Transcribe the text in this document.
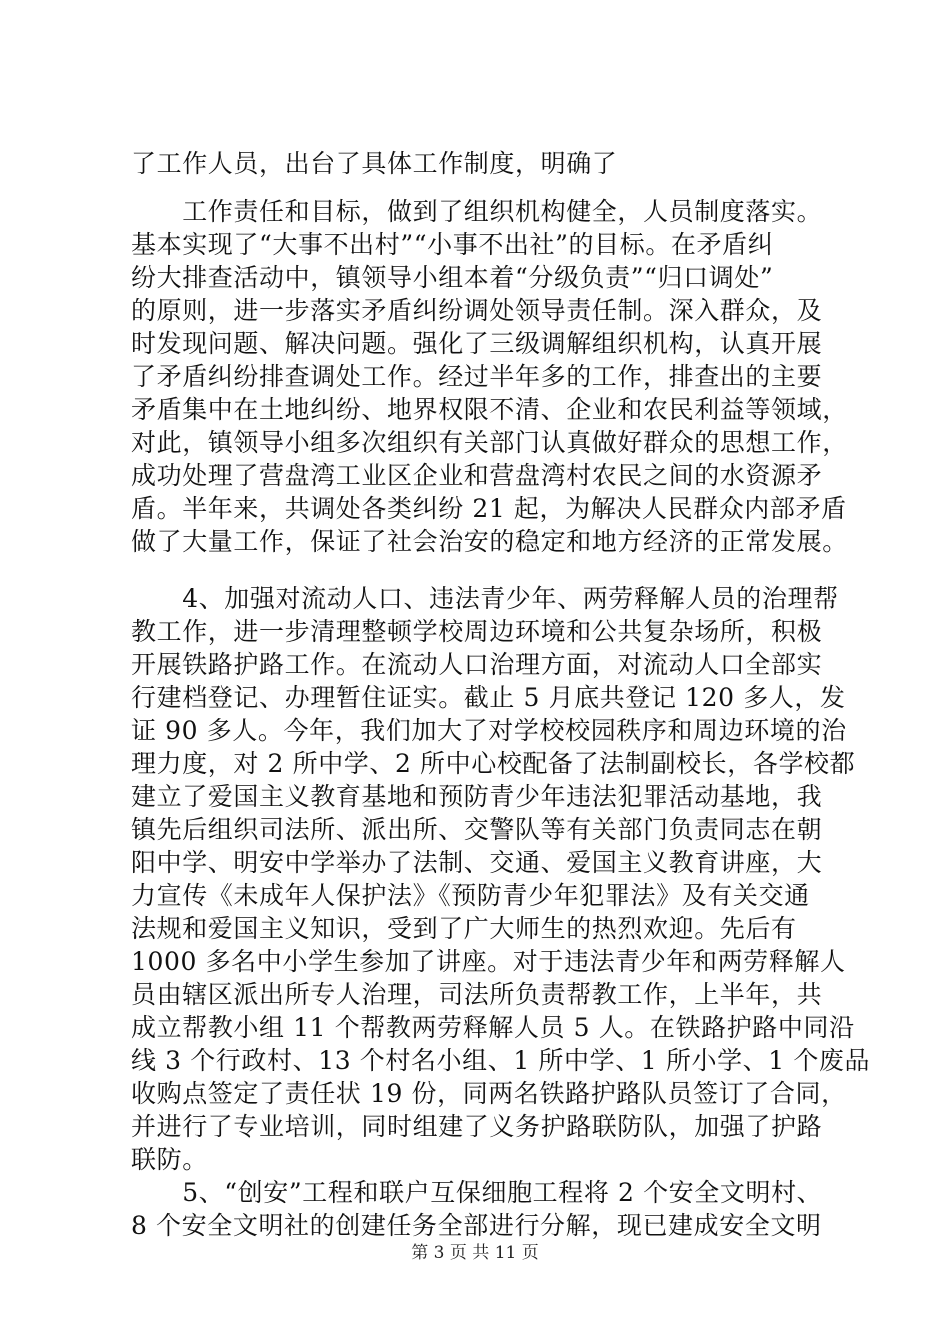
了工作人员，出台了具体工作制度，明确了
　　工作责任和目标，做到了组织机构健全，人员制度落实。
基本实现了“大事不出村”“小事不出社”的目标。在矛盾纠
纷大排查活动中，镇领导小组本着“分级负责”“归口调处”
的原则，进一步落实矛盾纠纷调处领导责任制。深入群众，及
时发现问题、解决问题。强化了三级调解组织机构，认真开展
了矛盾纠纷排查调处工作。经过半年多的工作，排查出的主要
矛盾集中在土地纠纷、地界权限不清、企业和农民利益等领域，
对此，镇领导小组多次组织有关部门认真做好群众的思想工作，
成功处理了营盘湾工业区企业和营盘湾村农民之间的水资源矛
盾。半年来，共调处各类纠纷 21 起，为解决人民群众内部矛盾
做了大量工作，保证了社会治安的稳定和地方经济的正常发展。
　　4、加强对流动人口、违法青少年、两劳释解人员的治理帮
教工作，进一步清理整顿学校周边环境和公共复杂场所，积极
开展铁路护路工作。在流动人口治理方面，对流动人口全部实
行建档登记、办理暂住证实。截止 5 月底共登记 120 多人，发
证 90 多人。今年，我们加大了对学校校园秩序和周边环境的治
理力度，对 2 所中学、2 所中心校配备了法制副校长，各学校都
建立了爱国主义教育基地和预防青少年违法犯罪活动基地，我
镇先后组织司法所、派出所、交警队等有关部门负责同志在朝
阳中学、明安中学举办了法制、交通、爱国主义教育讲座，大
力宣传《未成年人保护法》《预防青少年犯罪法》及有关交通
法规和爱国主义知识，受到了广大师生的热烈欢迎。先后有
1000 多名中小学生参加了讲座。对于违法青少年和两劳释解人
员由辖区派出所专人治理，司法所负责帮教工作，上半年，共
成立帮教小组 11 个帮教两劳释解人员 5 人。在铁路护路中同沿
线 3 个行政村、13 个村名小组、1 所中学、1 所小学、1 个废品
收购点签定了责任状 19 份，同两名铁路护路队员签订了合同，
并进行了专业培训，同时组建了义务护路联防队，加强了护路
联防。
　　5、“创安”工程和联户互保细胞工程将 2 个安全文明村、
8 个安全文明社的创建任务全部进行分解，现已建成安全文明
第 3 页 共 11 页
